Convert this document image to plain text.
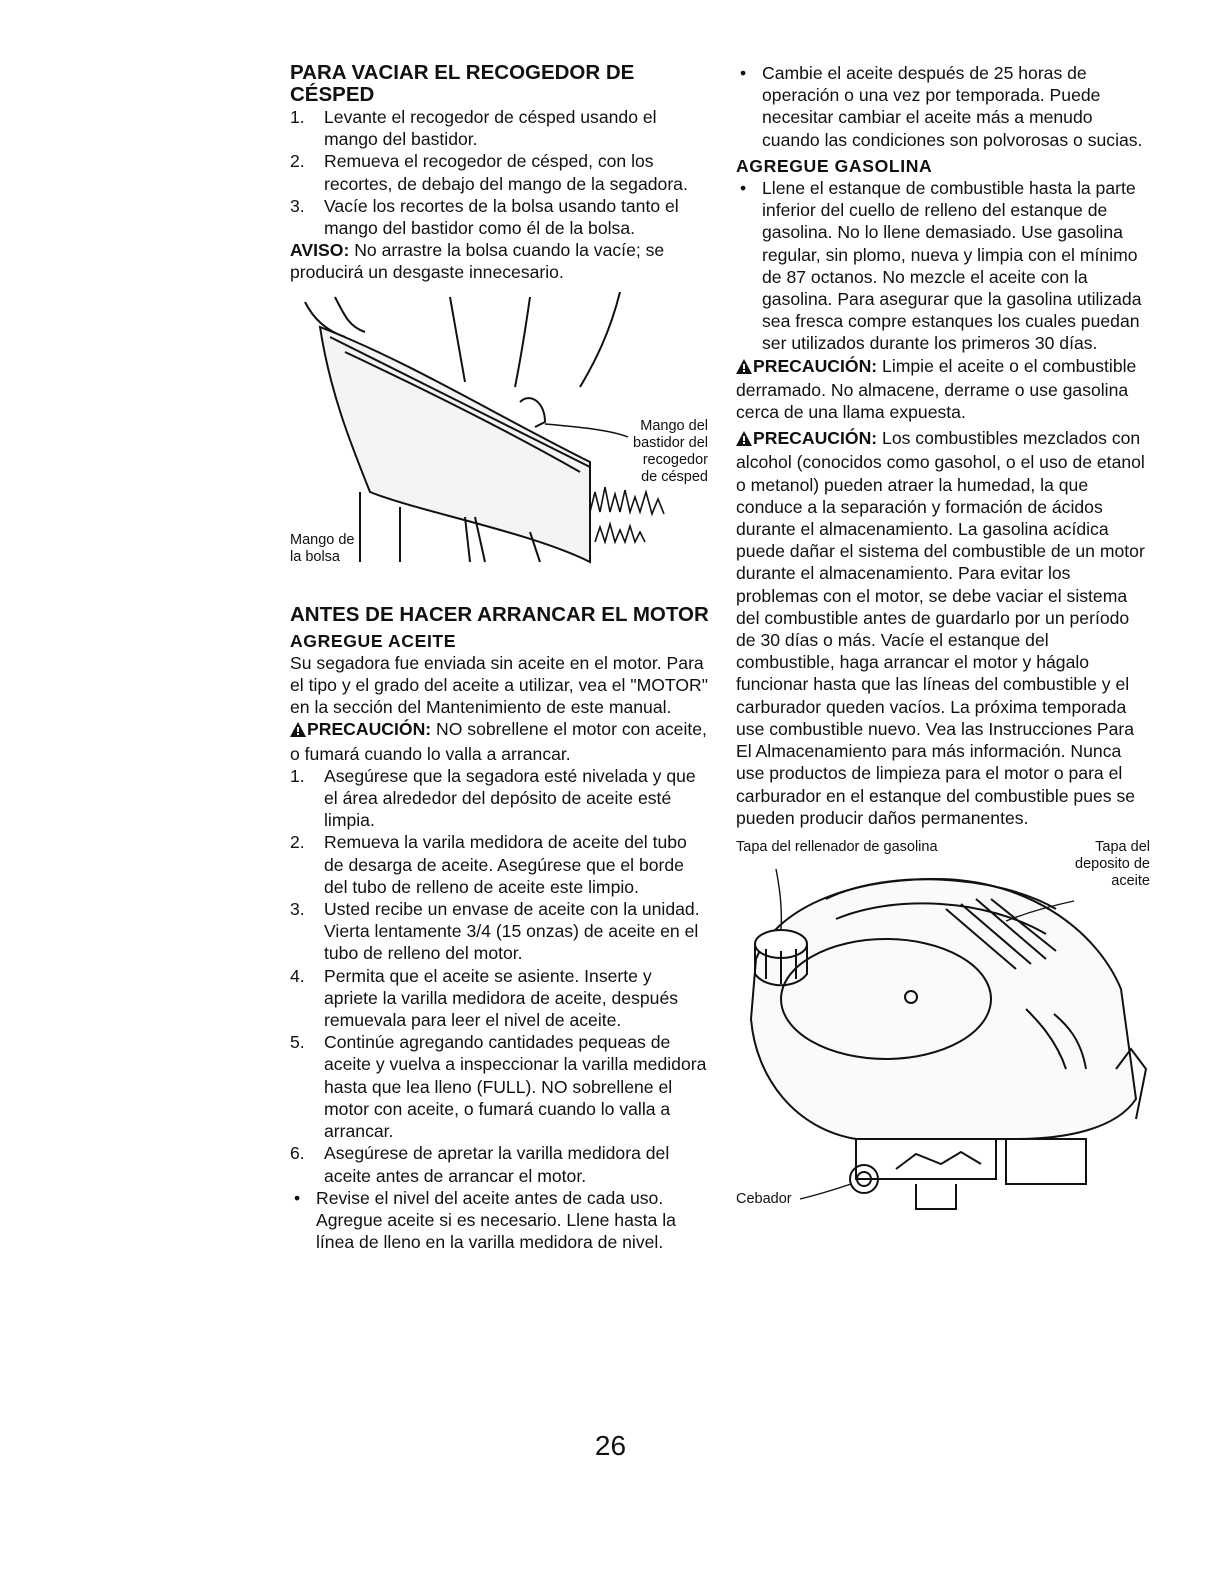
PARA VACIAR EL RECOGEDOR DE CÉSPED
1. Levante el recogedor de césped usando el mango del bastidor.
2. Remueva el recogedor de césped, con los recortes, de debajo del mango de la segadora.
3. Vacíe los recortes de la bolsa usando tanto el mango del bastidor como él de la bolsa.

AVISO: No arrastre la bolsa cuando la vacíe; se producirá un desgaste innecesario.

Mango del bastidor del recogedor de césped
Mango de la bolsa
ANTES DE HACER ARRANCAR EL MOTOR
AGREGUE ACEITE

Su segadora fue enviada sin aceite en el motor. Para el tipo y el grado del aceite a utilizar, vea el "MOTOR" en la sección del Mantenimiento de este manual.

PRECAUCIÓN: NO sobrellene el motor con aceite, o fumará cuando lo valla a arrancar.

1. Asegúrese que la segadora esté nivelada y que el área alrededor del depósito de aceite esté limpia.
2. Remueva la varila medidora de aceite del tubo de desarga de aceite. Asegúrese que el borde del tubo de relleno de aceite este limpio.
3. Usted recibe un envase de aceite con la unidad. Vierta lentamente 3/4 (15 onzas) de aceite en el tubo de relleno del motor.
4. Permita que el aceite se asiente. Inserte y apriete la varilla medidora de aceite, después remuevala para leer el nivel de aceite.
5. Continúe agregando cantidades pequeas de aceite y vuelva a inspeccionar la varilla medidora hasta que lea lleno (FULL). NO sobrellene el motor con aceite, o fumará cuando lo valla a arrancar.
6. Asegúrese de apretar la varilla medidora del aceite antes de arrancar el motor.
• Revise el nivel del aceite antes de cada uso. Agregue aceite si es necesario. Llene hasta la línea de lleno en la varilla medidora de nivel.
• Cambie el aceite después de 25 horas de operación o una vez por temporada. Puede necesitar cambiar el aceite más a menudo cuando las condiciones son polvorosas o sucias.
AGREGUE GASOLINA
• Llene el estanque de combustible hasta la parte inferior del cuello de relleno del estanque de gasolina. No lo llene demasiado. Use gasolina regular, sin plomo, nueva y limpia con el mínimo de 87 octanos. No mezcle el aceite con la gasolina. Para asegurar que la gasolina utilizada sea fresca compre estanques los cuales puedan ser utilizados durante los primeros 30 días.

PRECAUCIÓN: Limpie el aceite o el combustible derramado. No almacene, derrame o use gasolina cerca de una llama expuesta.

PRECAUCIÓN: Los combustibles mezclados con alcohol (conocidos como gasohol, o el uso de etanol o metanol) pueden atraer la humedad, la que conduce a la separación y formación de ácidos durante el almacenamiento. La gasolina acídica puede dañar el sistema del combustible de un motor durante el almacenamiento. Para evitar los problemas con el motor, se debe vaciar el sistema del combustible antes de guardarlo por un período de 30 días o más. Vacíe el estanque del combustible, haga arrancar el motor y hágalo funcionar hasta que las líneas del combustible y el carburador queden vacíos. La próxima temporada use combustible nuevo. Vea las Instrucciones Para El Almacenamiento para más información. Nunca use productos de limpieza para el motor o para el carburador en el estanque del combustible pues se pueden producir daños permanentes.

Tapa del rellenador de gasolina	Tapa del deposito de aceite
Cebador
26
